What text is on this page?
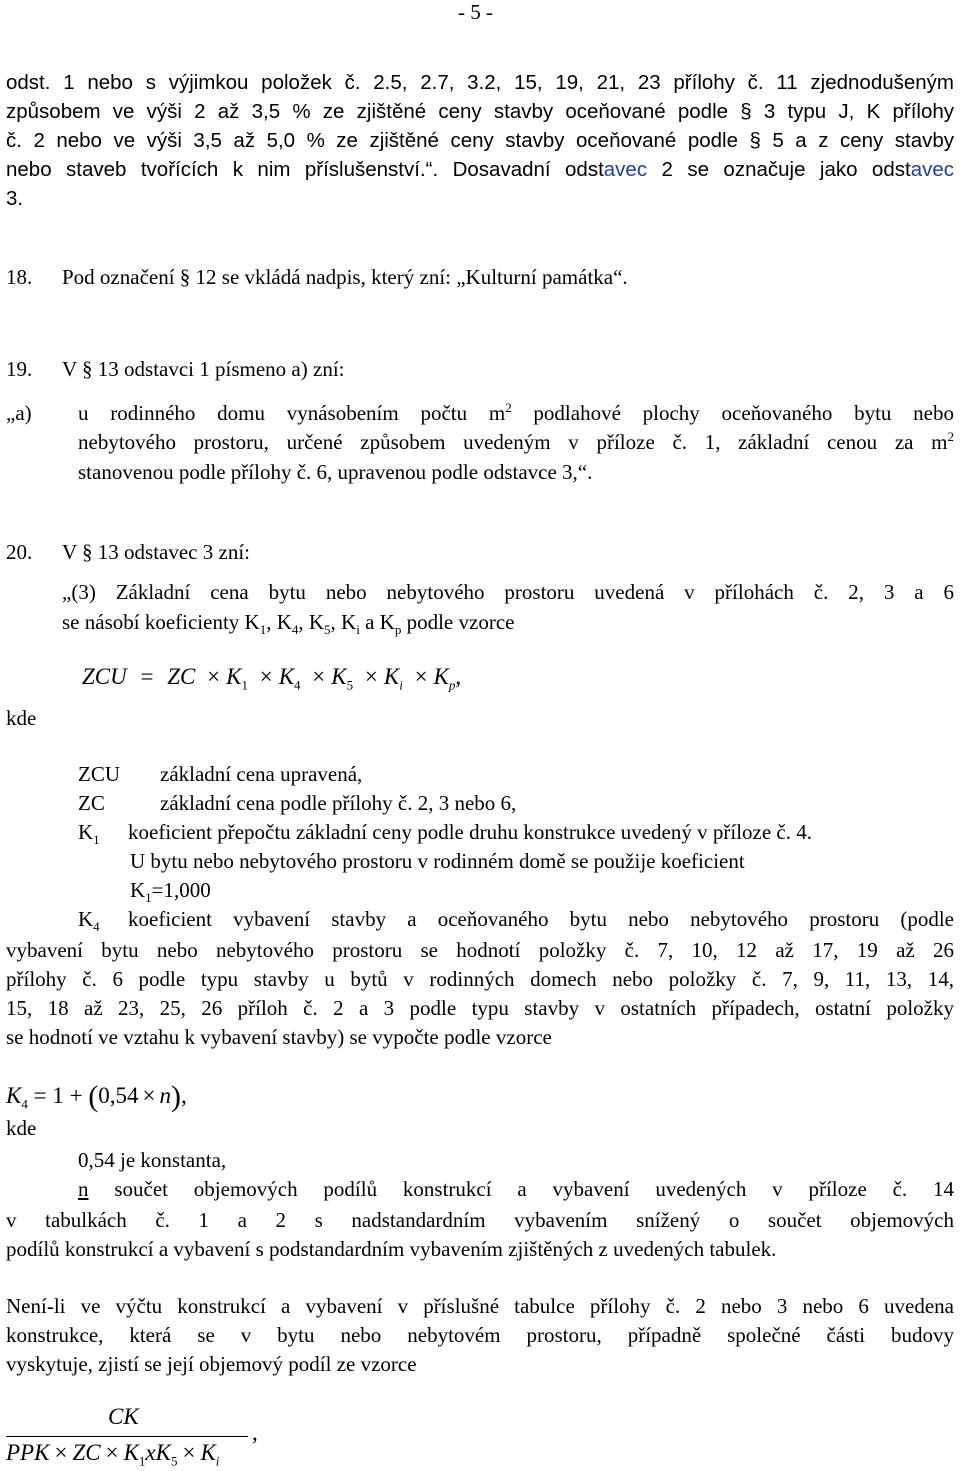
- 5 -
odst. 1 nebo s výjimkou položek č. 2.5, 2.7, 3.2, 15, 19, 21, 23 přílohy č. 11 zjednodušeným
způsobem ve výši 2 až 3,5 % ze zjištěné ceny stavby oceňované podle § 3 typu J, K přílohy
č. 2 nebo ve výši 3,5 až 5,0 % ze zjištěné ceny stavby oceňované podle § 5 a z ceny stavby
nebo staveb tvořících k nim příslušenství.“. Dosavadní odstavec 2 se označuje jako odstavec
3.
18. Pod označení § 12 se vkládá nadpis, který zní: „Kulturní památka“.
19. V § 13 odstavci 1 písmeno a) zní:
„a) u rodinného domu vynásobením počtu $m^2$ podlahové plochy oceňovaného bytu nebo
nebytového prostoru, určené způsobem uvedeným v příloze č. 1, základní cenou za $m^2$
stanovenou podle přílohy č. 6, upravenou podle odstavce 3,“.
20. V § 13 odstavec 3 zní:
„(3) Základní cena bytu nebo nebytového prostoru uvedená v přílohách č. 2, 3 a 6
se násobí koeficienty $K_1$, $K_4$, $K_5$, $K_i$ a $K_p$ podle vzorce
ZCU = ZC × $K_1 \times K_4 \times K_5 \times K_i \times K_p$,
kde
ZCU základní cena upravená,
ZC	základní cena podle přílohy č. 2, 3 nebo 6,
$K_1$ koeficient přepočtu základní ceny podle druhu konstrukce uvedený v příloze č. 4.
U bytu nebo nebytového prostoru v rodinném domě se použije koeficient
$K_1=1,000$
$K_4$ koeficient vybavení stavby a oceňovaného bytu nebo nebytového prostoru (podle
vybavení bytu nebo nebytového prostoru se hodnotí položky č. 7, 10, 12 až 17, 19 až 26
přílohy č. 6 podle typu stavby u bytů v rodinných domech nebo položky č. 7, 9, 11, 13, 14,
15, 18 až 23, 25, 26 příloh č. 2 a 3 podle typu stavby v ostatních případech, ostatní položky
se hodnotí ve vztahu k vybavení stavby) se vypočte podle vzorce
$K_4 = 1 + (0,54 \times n)$,
kde
0,54 je konstanta,
n součet objemových podílů konstrukcí a vybavení uvedených v příloze č. 14
v tabulkách č. 1 a 2 s nadstandardním vybavením snížený o součet objemových
podílů konstrukcí a vybavení s podstandardním vybavením zjištěných z uvedených tabulek.
Není-li ve výčtu konstrukcí a vybavení v příslušné tabulce přílohy č. 2 nebo 3 nebo 6 uvedena
konstrukce, která se v bytu nebo nebytovém prostoru, případně společné části budovy
vyskytuje, zjistí se její objemový podíl ze vzorce
CK
,
PPK × ZC × $K_1xK_5 \times K_i$
